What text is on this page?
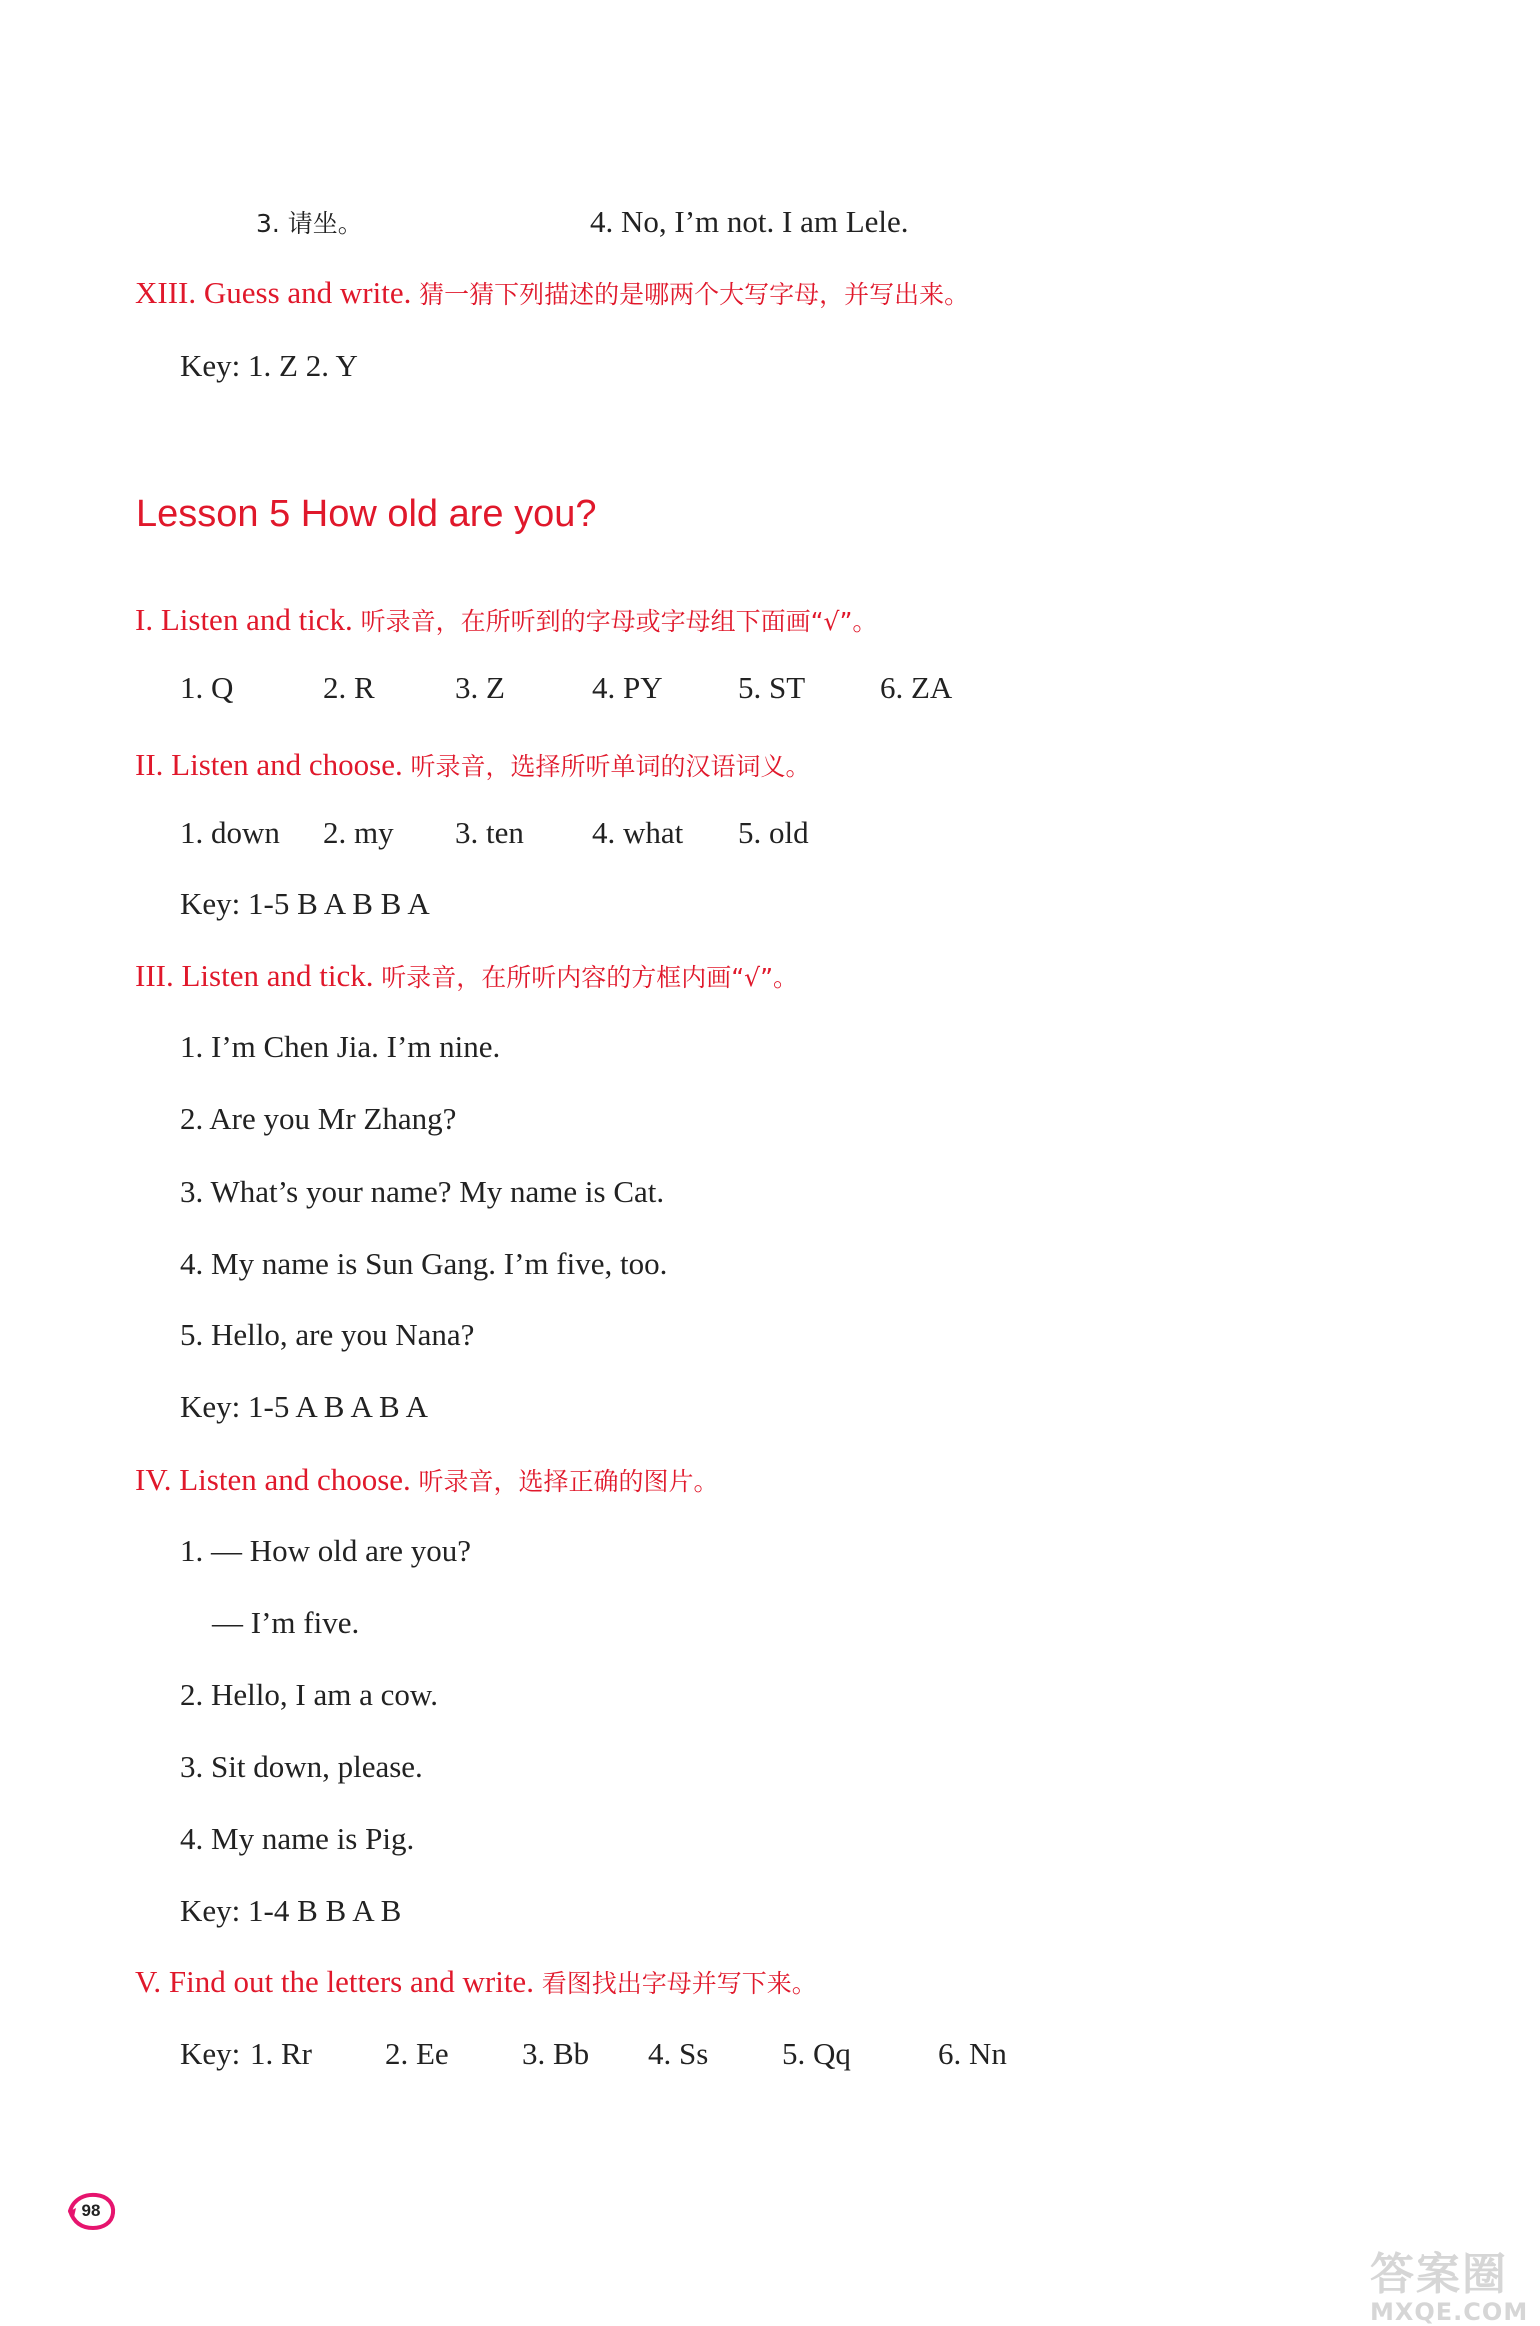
3. 请坐。	4. No, I’m not. I am Lele.
XIII. Guess and write. 猜一猜下列描述的是哪两个大写字母，并写出来。
Key: 1. Z 2. Y
Lesson 5 How old are you?
I. Listen and tick. 听录音，在所听到的字母或字母组下面画“√”。
1. Q	2. R	3. Z	4. PY 5. ST 6. ZA
II. Listen and choose. 听录音，选择所听单词的汉语词义。
1. down 2. my 3. ten 4. what 5. old
Key: 1-5 B A B B A
III. Listen and tick. 听录音，在所听内容的方框内画“√”。
1. I’m Chen Jia. I’m nine.
2. Are you Mr Zhang?
3. What’s your name? My name is Cat.
4. My name is Sun Gang. I’m five, too.
5. Hello, are you Nana?
Key: 1-5 A B A B A
IV. Listen and choose. 听录音，选择正确的图片。
1. — How old are you?
— I’m five.
2. Hello, I am a cow.
3. Sit down, please.
4. My name is Pig.
Key: 1-4 B B A B
V. Find out the letters and write. 看图找出字母并写下来。
Key: 1. Rr 2. Ee 3. Bb 4. Ss 5. Qq	6. Nn
98
答案圈
MXQE.COM
